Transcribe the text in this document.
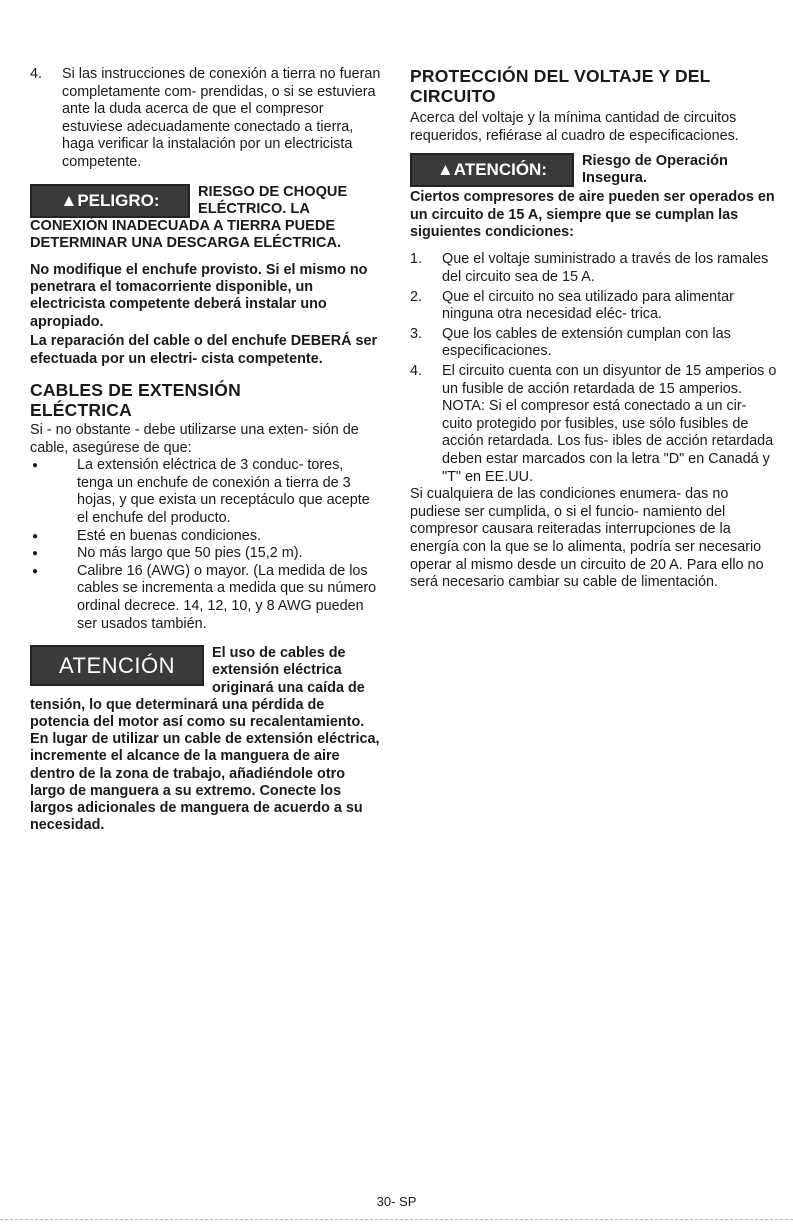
4.	Si las instrucciones de conexión a tierra no fueran completamente com- prendidas, o si se estuviera ante la duda acerca de que el compresor estuviese adecuadamente conectado a tierra, haga verificar la instalación por un electricista competente.
▲PELIGRO:	RIESGO DE CHOQUE ELÉCTRICO. LA CONEXIÓN INADECUADA A TIERRA PUEDE DETERMINAR UNA DESCARGA ELÉCTRICA.

No modifique el enchufe provisto. Si el mismo no penetrara el tomacorriente disponible, un electricista competente deberá instalar uno apropiado.

La reparación del cable o del enchufe DEBERÁ ser efectuada por un electri- cista competente.

CABLES DE EXTENSIÓN
ELÉCTRICA

Si - no obstante - debe utilizarse una exten- sión de cable, asegúrese de que:

●	La extensión eléctrica de 3 conduc- tores, tenga un enchufe de conexión a tierra de 3 hojas, y que exista un receptáculo que acepte el enchufe del producto.
●	Esté en buenas condiciones.
●	No más largo que 50 pies (15,2 m).
●	Calibre 16 (AWG) o mayor. (La medida de los cables se incrementa a medida que su número ordinal decrece. 14, 12, 10, y 8 AWG pueden ser usados también.
ATENCIÓN	El uso de cables de extensión eléctrica originará una caída de tensión, lo que determinará una pérdida de potencia del motor así como su recalentamiento. En lugar de utilizar un cable de extensión eléctrica, incremente el alcance de la manguera de aire dentro de la zona de trabajo, añadiéndole otro largo de manguera a su extremo. Conecte los largos adicionales de manguera de acuerdo a su necesidad.

PROTECCIÓN DEL VOLTAJE Y DEL
CIRCUITO

Acerca del voltaje y la mínima cantidad de circuitos requeridos, refiérase al cuadro de especificaciones.

▲ATENCIÓN:	Riesgo de Operación Insegura.

Ciertos compresores de aire pueden ser operados en un circuito de 15 A, siempre que se cumplan las siguientes condiciones:

1.	Que el voltaje suministrado a través de los ramales del circuito sea de 15 A.
2.	Que el circuito no sea utilizado para alimentar ninguna otra necesidad eléc- trica.
3.	Que los cables de extensión cumplan con las especificaciones.
4.	El circuito cuenta con un disyuntor de 15 amperios o un fusible de acción retardada de 15 amperios. NOTA: Si el compresor está conectado a un cir- cuito protegido por fusibles, use sólo fusibles de acción retardada. Los fus- ibles de acción retardada deben estar marcados con la letra "D" en Canadá y "T" en EE.UU.

Si cualquiera de las condiciones enumera- das no pudiese ser cumplida, o si el funcio- namiento del compresor causara reiteradas interrupciones de la energía con la que se lo alimenta, podría ser necesario operar al mismo desde un circuito de 20 A. Para ello no será necesario cambiar su cable de limentación.

30- SP
